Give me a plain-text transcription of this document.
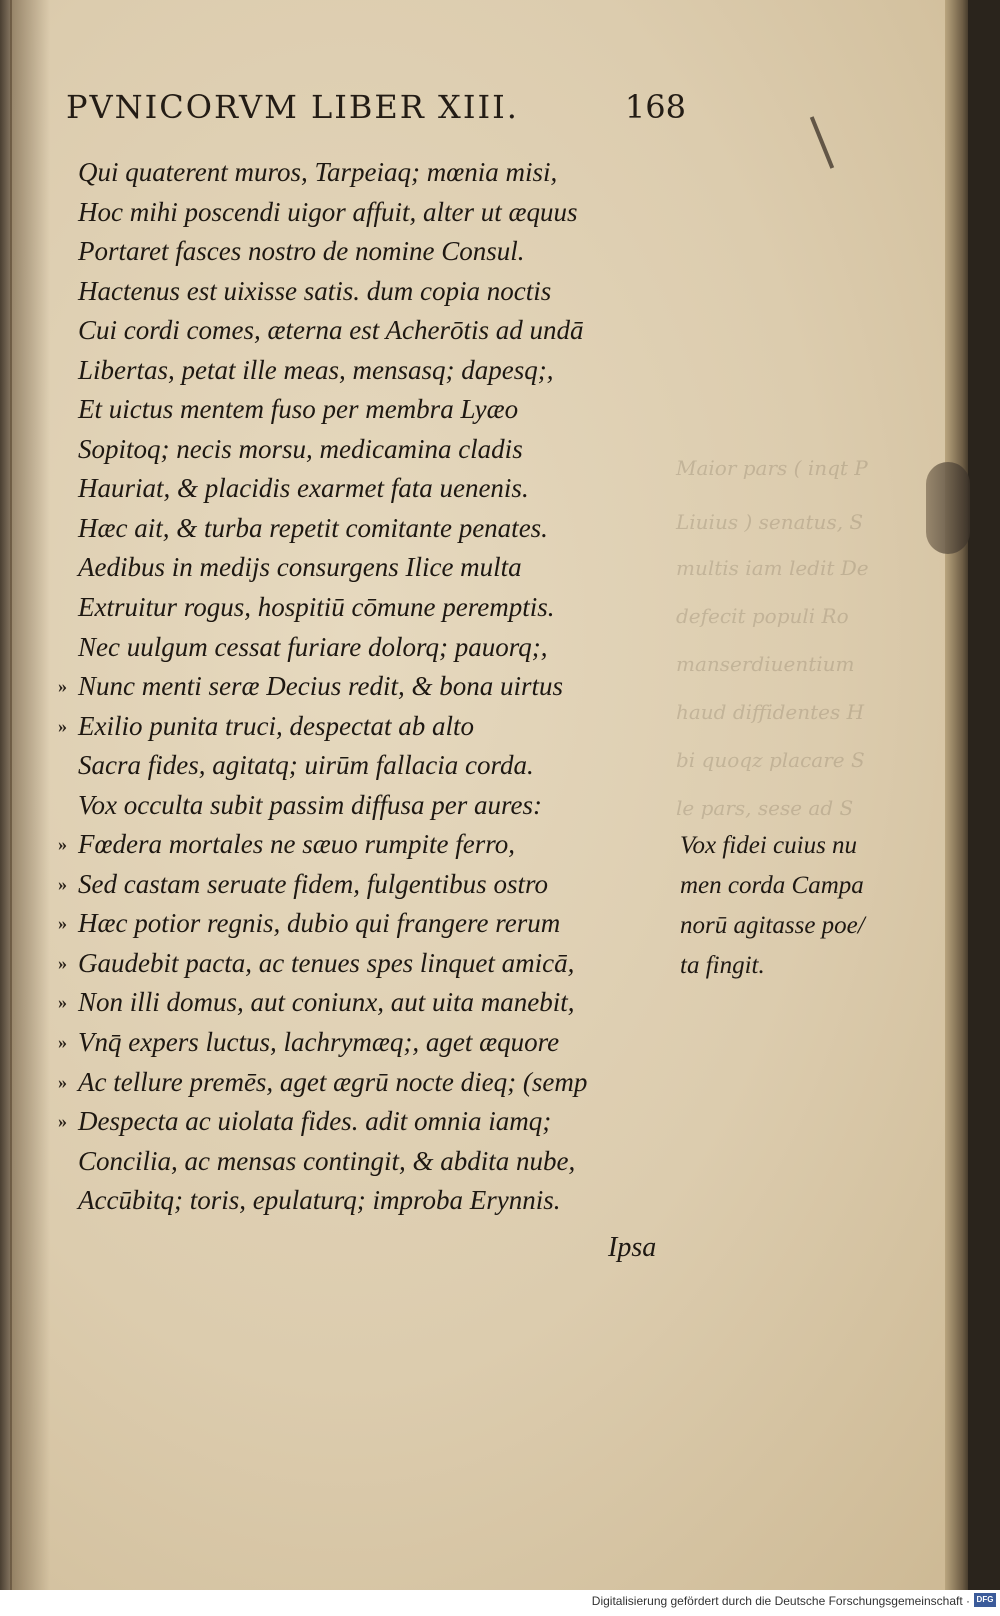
Maior pars ( inqt P
Liuius ) senatus, S
multis iam ledit De
defecit populi Ro
manserdiuentium
haud diffidentes H
bi quoqz placare S
le pars, sese ad S
PVNICORVM LIBER XIII.	168
Qui quaterent muros, Tarpeiaq; mœnia misi,
Hoc mihi poscendi uigor affuit, alter ut æquus
Portaret fasces nostro de nomine Consul.
Hactenus est uixisse satis. dum copia noctis
Cui cordi comes, æterna est Acherōtis ad undā
Libertas, petat ille meas, mensasq; dapesq;,
Et uictus mentem fuso per membra Lyæo
Sopitoq; necis morsu, medicamina cladis
Hauriat, & placidis exarmet fata uenenis.
Hæc ait, & turba repetit comitante penates.
Aedibus in medijs consurgens Ilice multa
Extruitur rogus, hospitiū cōmune peremptis.
Nec uulgum cessat furiare dolorq; pauorq;,
» Nunc menti seræ Decius redit, & bona uirtus
» Exilio punita truci, despectat ab alto
Sacra fides, agitatq; uirūm fallacia corda.
Vox occulta subit passim diffusa per aures:
» Fœdera mortales ne sæuo rumpite ferro,
» Sed castam seruate fidem, fulgentibus ostro
» Hæc potior regnis, dubio qui frangere rerum
» Gaudebit pacta, ac tenues spes linquet amicā,
» Non illi domus, aut coniunx, aut uita manebit,
» Vnq̄ expers luctus, lachrymæq;, aget æquore
» Ac tellure premēs, aget ægrū nocte dieq; (semp
» Despecta ac uiolata fides. adit omnia iamq;
Concilia, ac mensas contingit, & abdita nube,
Accūbitq; toris, epulaturq; improba Erynnis.
Ipsa
Vox fidei cuius nu
men corda Campa
norū agitasse poe/
ta fingit.
Digitalisierung gefördert durch die Deutsche Forschungsgemeinschaft · DFG
